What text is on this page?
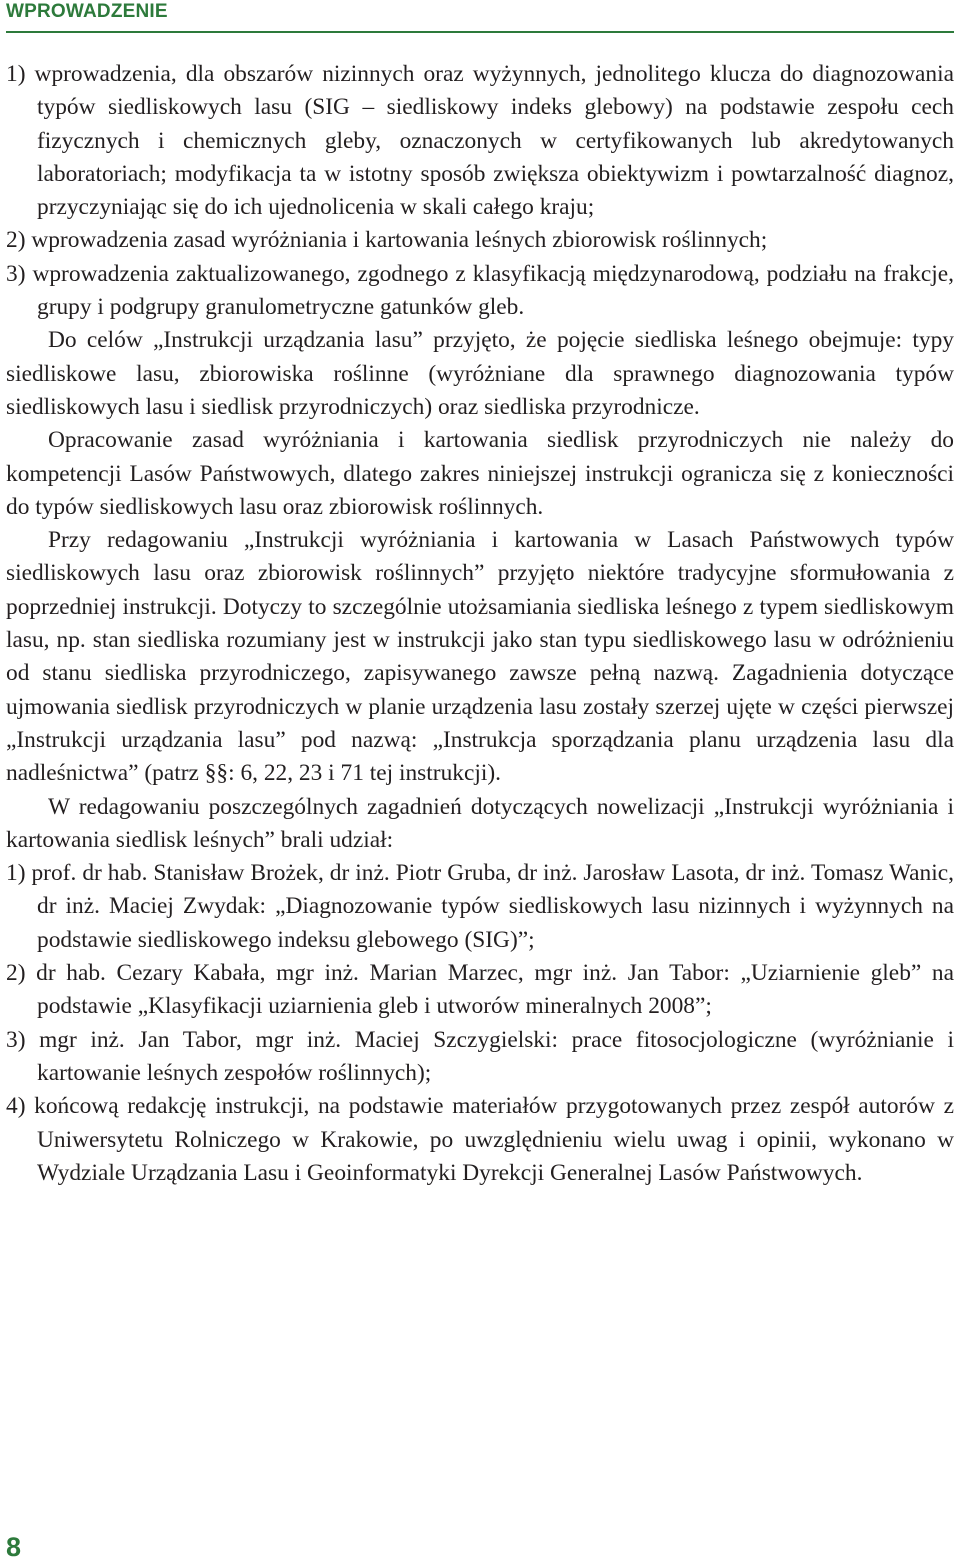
WPROWADZENIE

1) wprowadzenia, dla obszarów nizinnych oraz wyżynnych, jednolitego klucza do diagnozowania typów siedliskowych lasu (SIG – siedliskowy indeks glebowy) na podstawie zespołu cech fizycznych i chemicznych gleby, oznaczonych w certyfikowanych lub akredytowanych laboratoriach; modyfikacja ta w istotny sposób zwiększa obiektywizm i powtarzalność diagnoz, przyczyniając się do ich ujednolicenia w skali całego kraju;

2) wprowadzenia zasad wyróżniania i kartowania leśnych zbiorowisk roślinnych;

3) wprowadzenia zaktualizowanego, zgodnego z klasyfikacją międzynarodową, podziału na frakcje, grupy i podgrupy granulometryczne gatunków gleb.

Do celów „Instrukcji urządzania lasu” przyjęto, że pojęcie siedliska leśnego obejmuje: typy siedliskowe lasu, zbiorowiska roślinne (wyróżniane dla sprawnego diagnozowania typów siedliskowych lasu i siedlisk przyrodniczych) oraz siedliska przyrodnicze.

Opracowanie zasad wyróżniania i kartowania siedlisk przyrodniczych nie należy do kompetencji Lasów Państwowych, dlatego zakres niniejszej instrukcji ogranicza się z konieczności do typów siedliskowych lasu oraz zbiorowisk roślinnych.

Przy redagowaniu „Instrukcji wyróżniania i kartowania w Lasach Państwowych typów siedliskowych lasu oraz zbiorowisk roślinnych” przyjęto niektóre tradycyjne sformułowania z poprzedniej instrukcji. Dotyczy to szczególnie utożsamiania siedliska leśnego z typem siedliskowym lasu, np. stan siedliska rozumiany jest w instrukcji jako stan typu siedliskowego lasu w odróżnieniu od stanu siedliska przyrodniczego, zapisywanego zawsze pełną nazwą. Zagadnienia dotyczące ujmowania siedlisk przyrodniczych w planie urządzenia lasu zostały szerzej ujęte w części pierwszej „Instrukcji urządzania lasu” pod nazwą: „Instrukcja sporządzania planu urządzenia lasu dla nadleśnictwa” (patrz §§: 6, 22, 23 i 71 tej instrukcji).

W redagowaniu poszczególnych zagadnień dotyczących nowelizacji „Instrukcji wyróżniania i kartowania siedlisk leśnych” brali udział:

1) prof. dr hab. Stanisław Brożek, dr inż. Piotr Gruba, dr inż. Jarosław Lasota, dr inż. Tomasz Wanic, dr inż. Maciej Zwydak: „Diagnozowanie typów siedliskowych lasu nizinnych i wyżynnych na podstawie siedliskowego indeksu glebowego (SIG)”;

2) dr hab. Cezary Kabała, mgr inż. Marian Marzec, mgr inż. Jan Tabor: „Uziarnienie gleb” na podstawie „Klasyfikacji uziarnienia gleb i utworów mineralnych 2008”;

3) mgr inż. Jan Tabor, mgr inż. Maciej Szczygielski: prace fitosocjologiczne (wyróżnianie i kartowanie leśnych zespołów roślinnych);

4) końcową redakcję instrukcji, na podstawie materiałów przygotowanych przez zespół autorów z Uniwersytetu Rolniczego w Krakowie, po uwzględnieniu wielu uwag i opinii, wykonano w Wydziale Urządzania Lasu i Geoinformatyki Dyrekcji Generalnej Lasów Państwowych.

8
